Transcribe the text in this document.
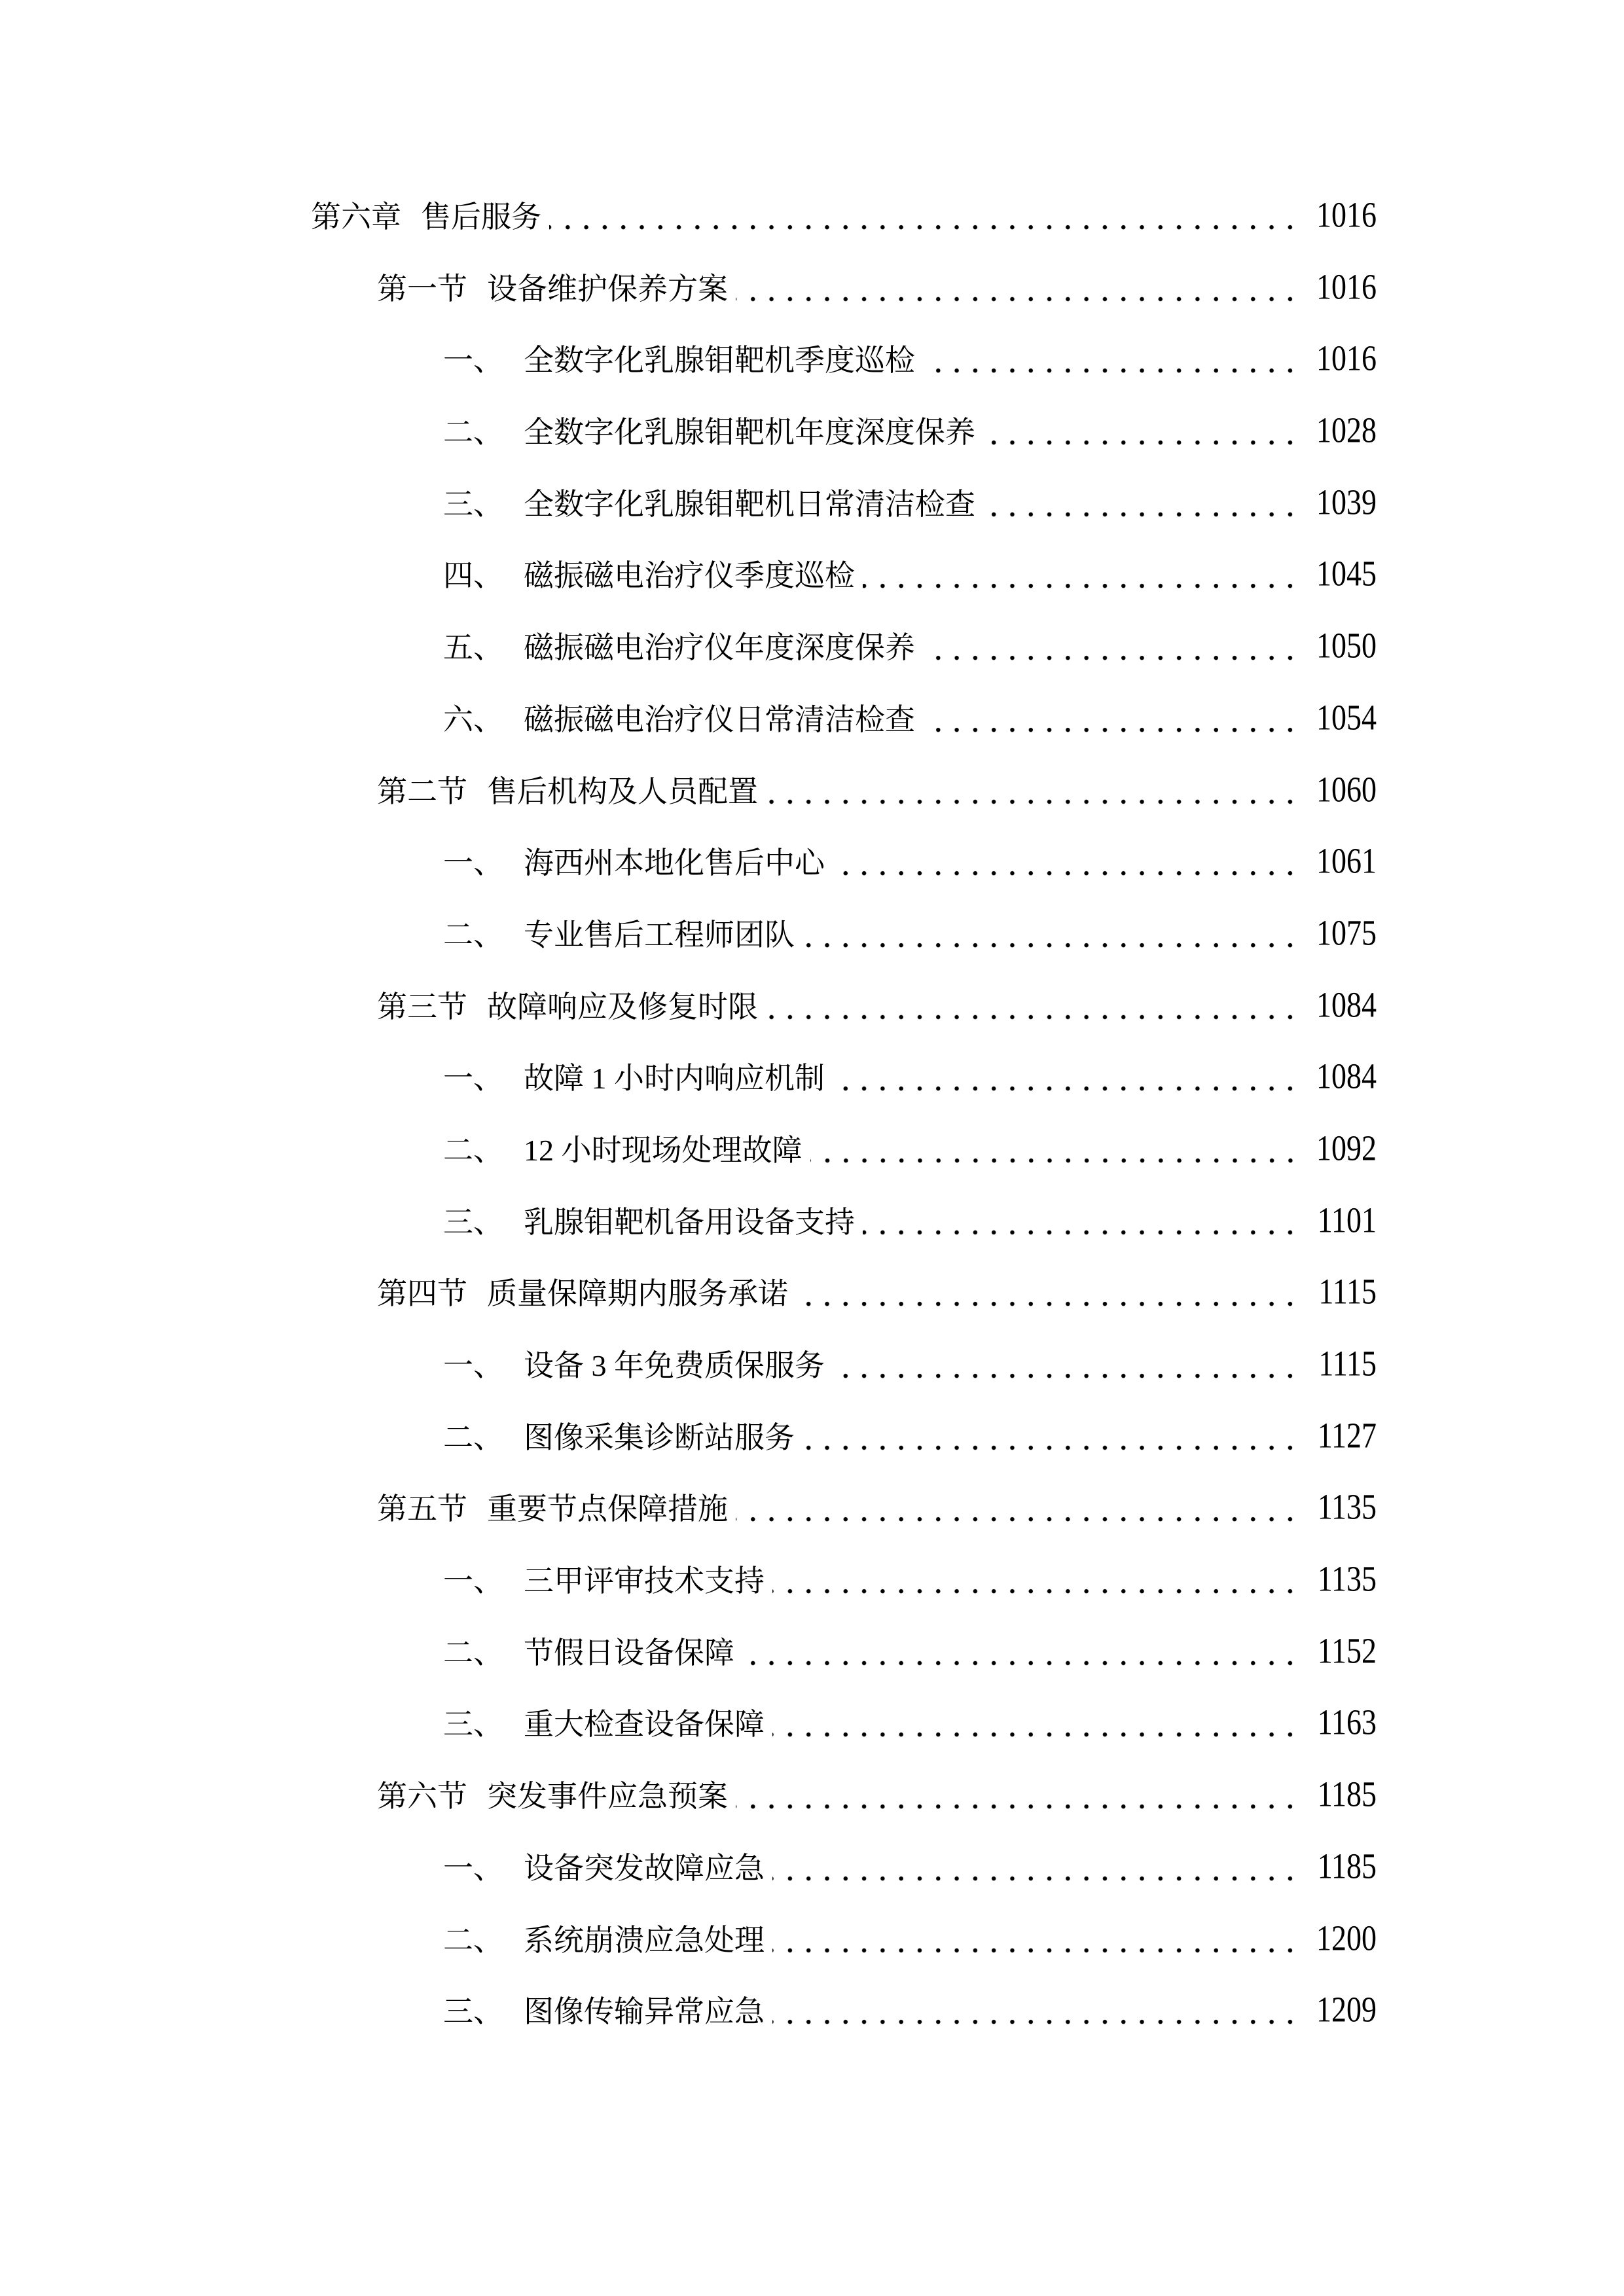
第六章 售后服务	1016
第一节 设备维护保养方案	1016
一、 全数字化乳腺钼靶机季度巡检	1016
二、 全数字化乳腺钼靶机年度深度保养	1028
三、 全数字化乳腺钼靶机日常清洁检查	1039
四、 磁振磁电治疗仪季度巡检	1045
五、 磁振磁电治疗仪年度深度保养	1050
六、 磁振磁电治疗仪日常清洁检查	1054
第二节 售后机构及人员配置	1060
一、 海西州本地化售后中心	1061
二、 专业售后工程师团队	1075
第三节 故障响应及修复时限	1084
一、 故障 1 小时内响应机制	1084
二、 12 小时现场处理故障	1092
三、 乳腺钼靶机备用设备支持	1101
第四节 质量保障期内服务承诺	1115
一、 设备 3 年免费质保服务	1115
二、 图像采集诊断站服务	1127
第五节 重要节点保障措施	1135
一、 三甲评审技术支持	1135
二、 节假日设备保障	1152
三、 重大检查设备保障	1163
第六节 突发事件应急预案	1185
一、 设备突发故障应急	1185
二、 系统崩溃应急处理	1200
三、 图像传输异常应急	1209
